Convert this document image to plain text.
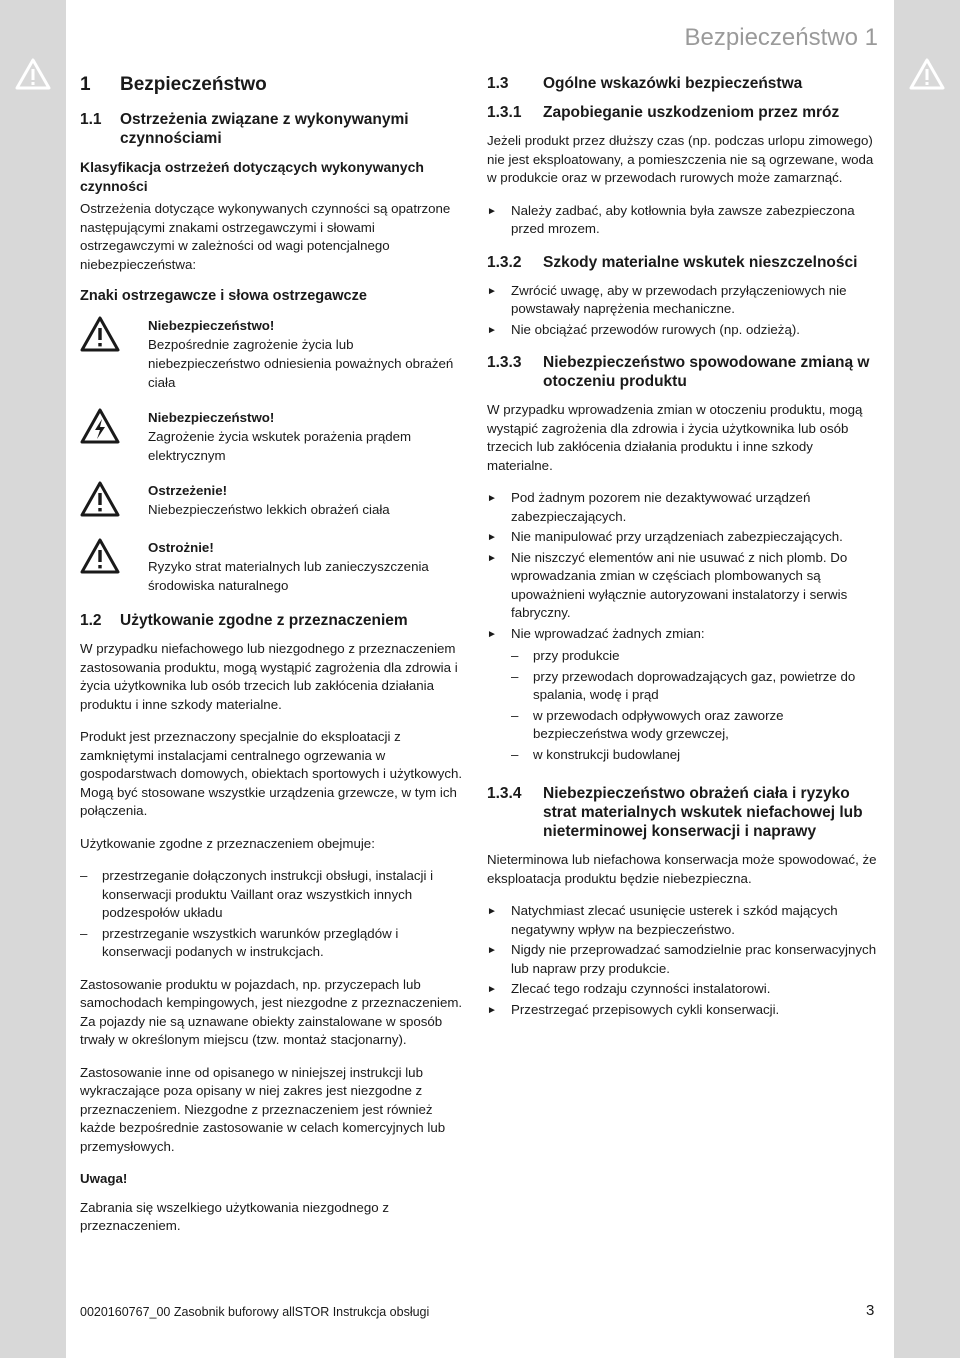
Bezpieczeństwo 1
1	Bezpieczeństwo
1.1	Ostrzeżenia związane z wykonywanymi czynnościami
Klasyfikacja ostrzeżeń dotyczących wykonywanych czynności

Ostrzeżenia dotyczące wykonywanych czynności są opatrzone następującymi znakami ostrzegawczymi i słowami ostrzegawczymi w zależności od wagi potencjalnego niebezpieczeństwa:

Znaki ostrzegawcze i słowa ostrzegawcze
Niebezpieczeństwo!
Bezpośrednie zagrożenie życia lub niebezpieczeństwo odniesienia poważnych obrażeń ciała
Niebezpieczeństwo!
Zagrożenie życia wskutek porażenia prądem elektrycznym
Ostrzeżenie!
Niebezpieczeństwo lekkich obrażeń ciała
Ostrożnie!
Ryzyko strat materialnych lub zanieczyszczenia środowiska naturalnego
1.2	Użytkowanie zgodne z przeznaczeniem

W przypadku niefachowego lub niezgodnego z przeznaczeniem zastosowania produktu, mogą wystąpić zagrożenia dla zdrowia i życia użytkownika lub osób trzecich lub zakłócenia działania produktu i inne szkody materialne.

Produkt jest przeznaczony specjalnie do eksploatacji z zamkniętymi instalacjami centralnego ogrzewania w gospodarstwach domowych, obiektach sportowych i użytkowych. Mogą być stosowane wszystkie urządzenia grzewcze, w tym ich połączenia.

Użytkowanie zgodne z przeznaczeniem obejmuje:

– przestrzeganie dołączonych instrukcji obsługi, instalacji i konserwacji produktu Vaillant oraz wszystkich innych podzespołów układu
– przestrzeganie wszystkich warunków przeglądów i konserwacji podanych w instrukcjach.

Zastosowanie produktu w pojazdach, np. przyczepach lub samochodach kempingowych, jest niezgodne z przeznaczeniem. Za pojazdy nie są uznawane obiekty zainstalowane w sposób trwały w określonym miejscu (tzw. montaż stacjonarny).

Zastosowanie inne od opisanego w niniejszej instrukcji lub wykraczające poza opisany w niej zakres jest niezgodne z przeznaczeniem. Niezgodne z przeznaczeniem jest również każde bezpośrednie zastosowanie w celach komercyjnych lub przemysłowych.

Uwaga!

Zabrania się wszelkiego użytkowania niezgodnego z przeznaczeniem.

1.3	Ogólne wskazówki bezpieczeństwa
1.3.1	Zapobieganie uszkodzeniom przez mróz

Jeżeli produkt przez dłuższy czas (np. podczas urlopu zimowego) nie jest eksploatowany, a pomieszczenia nie są ogrzewane, woda w produkcie oraz w przewodach rurowych może zamarznąć.

► Należy zadbać, aby kotłownia była zawsze zabezpieczona przed mrozem.
1.3.2	Szkody materialne wskutek nieszczelności
► Zwrócić uwagę, aby w przewodach przyłączeniowych nie powstawały naprężenia mechaniczne.
► Nie obciążać przewodów rurowych (np. odzieżą).
1.3.3	Niebezpieczeństwo spowodowane zmianą w otoczeniu produktu

W przypadku wprowadzenia zmian w otoczeniu produktu, mogą wystąpić zagrożenia dla zdrowia i życia użytkownika lub osób trzecich lub zakłócenia działania produktu i inne szkody materialne.

► Pod żadnym pozorem nie dezaktywować urządzeń zabezpieczających.
► Nie manipulować przy urządzeniach zabezpieczających.
► Nie niszczyć elementów ani nie usuwać z nich plomb. Do wprowadzania zmian w częściach plombowanych są upoważnieni wyłącznie autoryzowani instalatorzy i serwis fabryczny.
► Nie wprowadzać żadnych zmian:
– przy produkcie
– przy przewodach doprowadzających gaz, powietrze do spalania, wodę i prąd
– w przewodach odpływowych oraz zaworze bezpieczeństwa wody grzewczej,
– w konstrukcji budowlanej
1.3.4	Niebezpieczeństwo obrażeń ciała i ryzyko strat materialnych wskutek niefachowej lub nieterminowej konserwacji i naprawy

Nieterminowa lub niefachowa konserwacja może spowodować, że eksploatacja produktu będzie niebezpieczna.

► Natychmiast zlecać usunięcie usterek i szkód mających negatywny wpływ na bezpieczeństwo.
► Nigdy nie przeprowadzać samodzielnie prac konserwacyjnych lub napraw przy produkcie.
► Zlecać tego rodzaju czynności instalatorowi.
► Przestrzegać przepisowych cykli konserwacji.
0020160767_00 Zasobnik buforowy allSTOR Instrukcja obsługi	3
